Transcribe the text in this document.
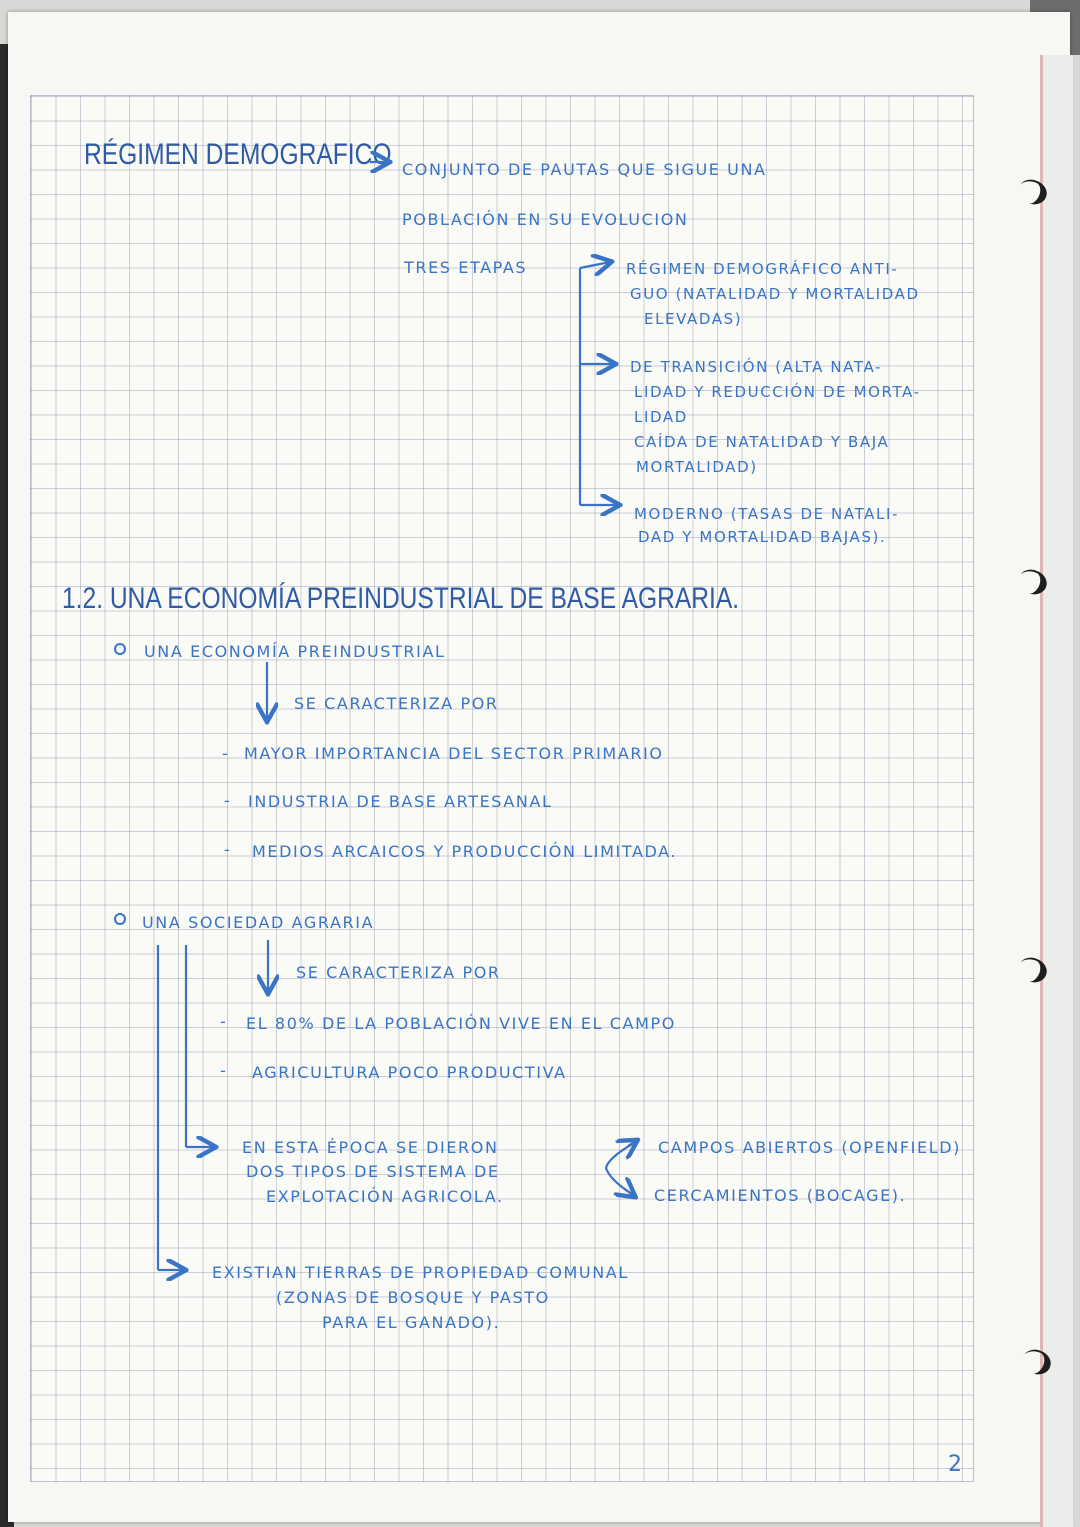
RÉGIMEN DEMOGRAFICO CONJUNTO DE PAUTAS QUE SIGUE UNA
POBLACIÓN EN SU EVOLUCION
TRES ETAPAS	RÉGIMEN DEMOGRÁFICO ANTI-
GUO (NATALIDAD Y MORTALIDAD
ELEVADAS)
DE TRANSICIÓN (ALTA NATA-
LIDAD Y REDUCCIÓN DE MORTA-
LIDAD
CAÍDA DE NATALIDAD Y BAJA
MORTALIDAD)
MODERNO (TASAS DE NATALI-
DAD Y MORTALIDAD BAJAS).
1.2. UNA ECONOMÍA PREINDUSTRIAL DE BASE AGRARIA.
UNA ECONOMÍA PREINDUSTRIAL
SE CARACTERIZA POR
- MAYOR IMPORTANCIA DEL SECTOR PRIMARIO
- INDUSTRIA DE BASE ARTESANAL
- MEDIOS ARCAICOS Y PRODUCCIÓN LIMITADA.
UNA SOCIEDAD AGRARIA
SE CARACTERIZA POR
- EL 80% DE LA POBLACIÓN VIVE EN EL CAMPO
- AGRICULTURA POCO PRODUCTIVA
EN ESTA ÉPOCA SE DIERON
DOS TIPOS DE SISTEMA DE
EXPLOTACIÓN AGRICOLA.
CAMPOS ABIERTOS (OPENFIELD)
CERCAMIENTOS (BOCAGE).
EXISTIAN TIERRAS DE PROPIEDAD COMUNAL
(ZONAS DE BOSQUE Y PASTO
PARA EL GANADO).
2
